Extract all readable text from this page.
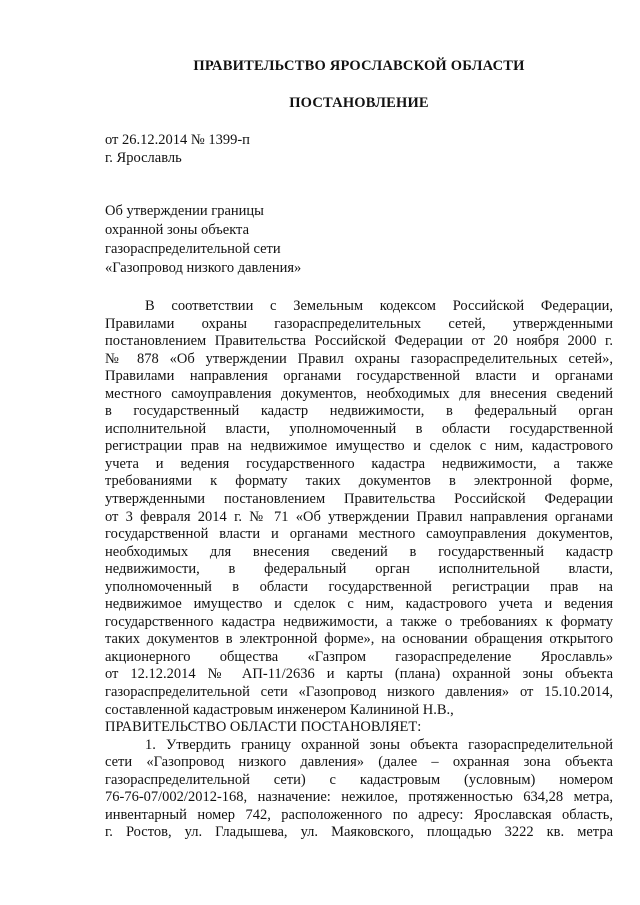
ПРАВИТЕЛЬСТВО ЯРОСЛАВСКОЙ ОБЛАСТИ
ПОСТАНОВЛЕНИЕ
от 26.12.2014 № 1399-п
г. Ярославль
Об утверждении границы
охранной зоны объекта
газораспределительной сети
«Газопровод низкого давления»
В соответствии с Земельным кодексом Российской Федерации,
Правилами охраны газораспределительных сетей, утвержденными
постановлением Правительства Российской Федерации от 20 ноября 2000 г.
№ 878 «Об утверждении Правил охраны газораспределительных сетей»,
Правилами направления органами государственной власти и органами
местного самоуправления документов, необходимых для внесения сведений
в государственный кадастр недвижимости, в федеральный орган
исполнительной власти, уполномоченный в области государственной
регистрации прав на недвижимое имущество и сделок с ним, кадастрового
учета и ведения государственного кадастра недвижимости, а также
требованиями к формату таких документов в электронной форме,
утвержденными постановлением Правительства Российской Федерации
от 3 февраля 2014 г. № 71 «Об утверждении Правил направления органами
государственной власти и органами местного самоуправления документов,
необходимых для внесения сведений в государственный кадастр
недвижимости, в федеральный орган исполнительной власти,
уполномоченный в области государственной регистрации прав на
недвижимое имущество и сделок с ним, кадастрового учета и ведения
государственного кадастра недвижимости, а также о требованиях к формату
таких документов в электронной форме», на основании обращения открытого
акционерного общества «Газпром газораспределение Ярославль»
от 12.12.2014 № АП-11/2636 и карты (плана) охранной зоны объекта
газораспределительной сети «Газопровод низкого давления» от 15.10.2014,
составленной кадастровым инженером Калининой Н.В.,
ПРАВИТЕЛЬСТВО ОБЛАСТИ ПОСТАНОВЛЯЕТ:
1. Утвердить границу охранной зоны объекта газораспределительной
сети «Газопровод низкого давления» (далее – охранная зона объекта
газораспределительной сети) с кадастровым (условным) номером
76-76-07/002/2012-168, назначение: нежилое, протяженностью 634,28 метра,
инвентарный номер 742, расположенного по адресу: Ярославская область,
г. Ростов, ул. Гладышева, ул. Маяковского, площадью 3222 кв. метра
